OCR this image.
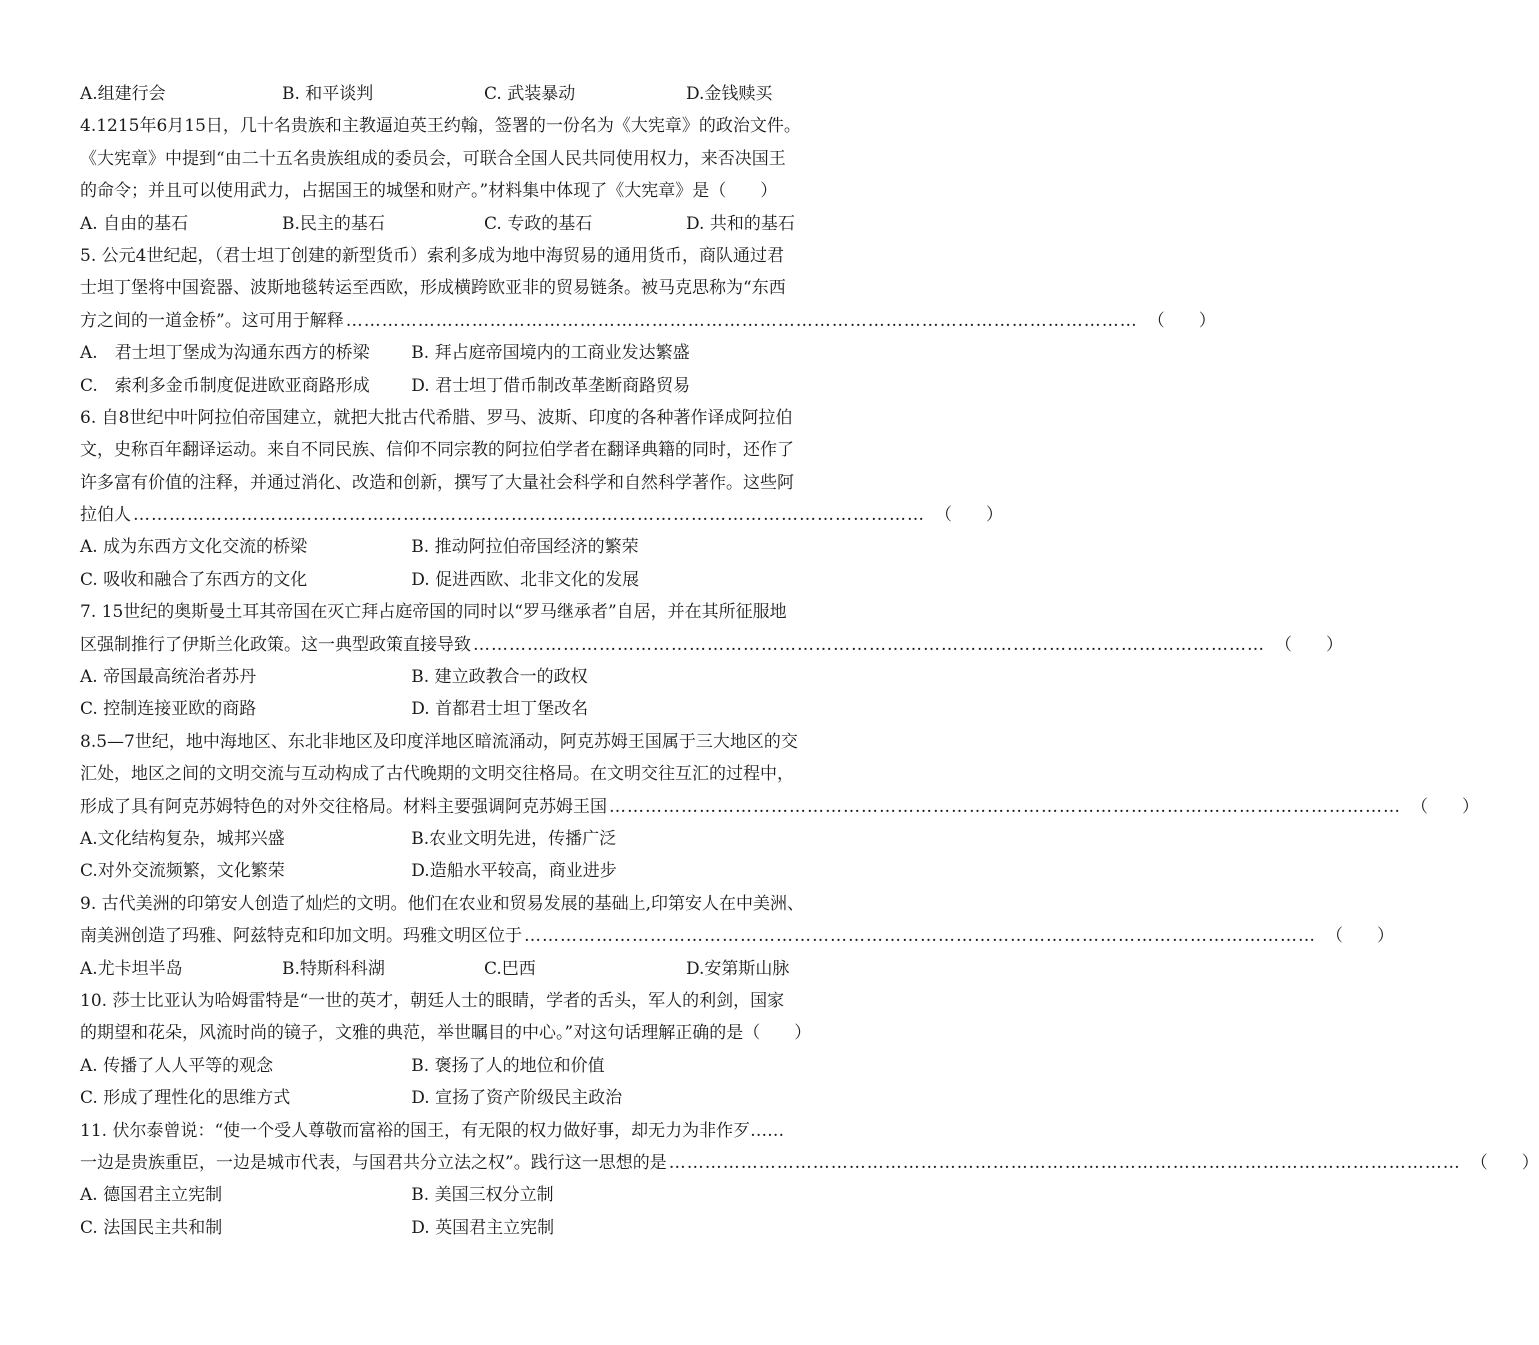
A.组建行会	B. 和平谈判	C. 武装暴动	D.金钱赎买
4.1215年6月15日，几十名贵族和主教逼迫英王约翰，签署的一份名为《大宪章》的政治文件。
《大宪章》中提到“由二十五名贵族组成的委员会，可联合全国人民共同使用权力，来否决国王
的命令；并且可以使用武力，占据国王的城堡和财产。”材料集中体现了《大宪章》是（　　）
A. 自由的基石	B.民主的基石	C. 专政的基石	D. 共和的基石
5. 公元4世纪起，（君士坦丁创建的新型货币）索利多成为地中海贸易的通用货币，商队通过君
士坦丁堡将中国瓷器、波斯地毯转运至西欧，形成横跨欧亚非的贸易链条。被马克思称为“东西
方之间的一道金桥”。这可用于解释 …………………………………………………………………………………………………………………… （　　）
A.　君士坦丁堡成为沟通东西方的桥梁	B. 拜占庭帝国境内的工商业发达繁盛
C.　索利多金币制度促进欧亚商路形成	D. 君士坦丁借币制改革垄断商路贸易
6. 自8世纪中叶阿拉伯帝国建立，就把大批古代希腊、罗马、波斯、印度的各种著作译成阿拉伯
文，史称百年翻译运动。来自不同民族、信仰不同宗教的阿拉伯学者在翻译典籍的同时，还作了
许多富有价值的注释，并通过消化、改造和创新，撰写了大量社会科学和自然科学著作。这些阿
拉伯人 …………………………………………………………………………………………………………………… （　　）
A. 成为东西方文化交流的桥梁	B. 推动阿拉伯帝国经济的繁荣
C. 吸收和融合了东西方的文化	D. 促进西欧、北非文化的发展
7. 15世纪的奥斯曼土耳其帝国在灭亡拜占庭帝国的同时以“罗马继承者”自居，并在其所征服地
区强制推行了伊斯兰化政策。这一典型政策直接导致 …………………………………………………………………………………………………………………… （　　）
A. 帝国最高统治者苏丹	B. 建立政教合一的政权
C. 控制连接亚欧的商路	D. 首都君士坦丁堡改名
8.5—7世纪，地中海地区、东北非地区及印度洋地区暗流涌动，阿克苏姆王国属于三大地区的交
汇处，地区之间的文明交流与互动构成了古代晚期的文明交往格局。在文明交往互汇的过程中，
形成了具有阿克苏姆特色的对外交往格局。材料主要强调阿克苏姆王国 …………………………………………………………………………………………………………………… （　　）
A.文化结构复杂，城邦兴盛	B.农业文明先进，传播广泛
C.对外交流频繁，文化繁荣	D.造船水平较高，商业进步
9. 古代美洲的印第安人创造了灿烂的文明。他们在农业和贸易发展的基础上,印第安人在中美洲、
南美洲创造了玛雅、阿兹特克和印加文明。玛雅文明区位于 …………………………………………………………………………………………………………………… （　　）
A.尤卡坦半岛	B.特斯科科湖	C.巴西	D.安第斯山脉
10. 莎士比亚认为哈姆雷特是“一世的英才，朝廷人士的眼睛，学者的舌头，军人的利剑，国家
的期望和花朵，风流时尚的镜子，文雅的典范，举世瞩目的中心。”对这句话理解正确的是（　　）
A. 传播了人人平等的观念	B. 褒扬了人的地位和价值
C. 形成了理性化的思维方式	D. 宣扬了资产阶级民主政治
11. 伏尔泰曾说：“使一个受人尊敬而富裕的国王，有无限的权力做好事，却无力为非作歹……
一边是贵族重臣，一边是城市代表，与国君共分立法之权”。践行这一思想的是 …………………………………………………………………………………………………………………… （　　）
A. 德国君主立宪制	B. 美国三权分立制
C. 法国民主共和制	D. 英国君主立宪制
